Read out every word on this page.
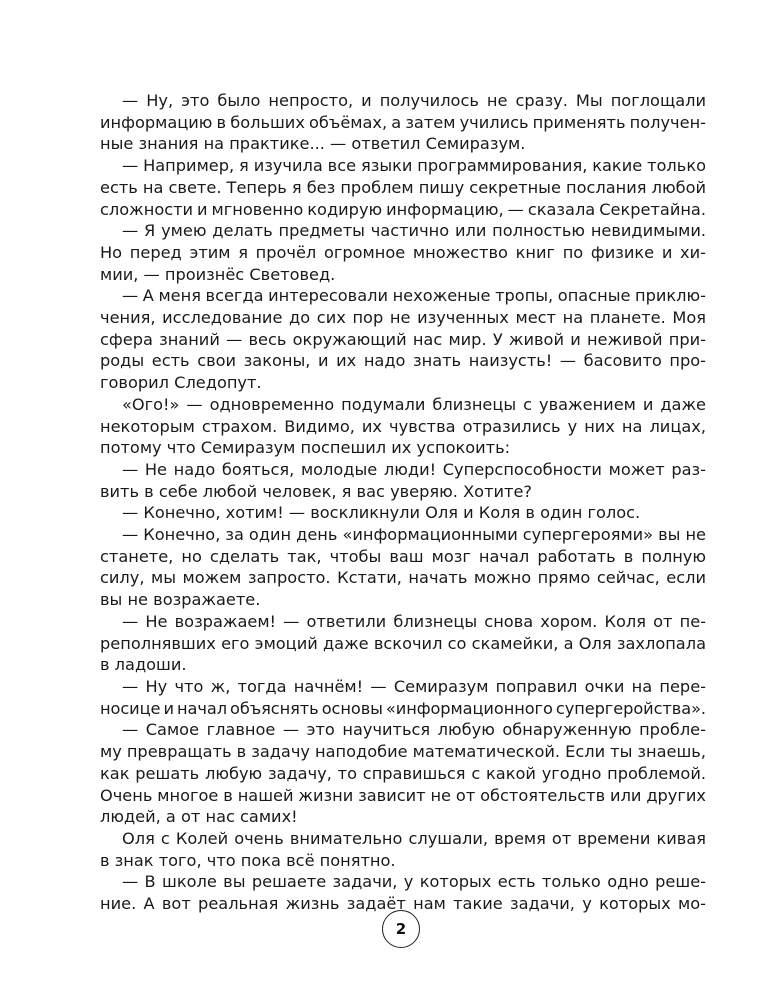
— Ну, это было непросто, и получилось не сразу. Мы поглощали
информацию в больших объёмах, а затем учились применять получен-
ные знания на практике... — ответил Семиразум.
— Например, я изучила все языки программирования, какие только
есть на свете. Теперь я без проблем пишу секретные послания любой
сложности и мгновенно кодирую информацию, — сказала Секретайна.
— Я умею делать предметы частично или полностью невидимыми.
Но перед этим я прочёл огромное множество книг по физике и хи-
мии, — произнёс Световед.
— А меня всегда интересовали нехоженые тропы, опасные приклю-
чения, исследование до сих пор не изученных мест на планете. Моя
сфера знаний — весь окружающий нас мир. У живой и неживой при-
роды есть свои законы, и их надо знать наизусть! — басовито про-
говорил Следопут.
«Ого!» — одновременно подумали близнецы с уважением и даже
некоторым страхом. Видимо, их чувства отразились у них на лицах,
потому что Семиразум поспешил их успокоить:
— Не надо бояться, молодые люди! Суперспособности может раз-
вить в себе любой человек, я вас уверяю. Хотите?
— Конечно, хотим! — воскликнули Оля и Коля в один голос.
— Конечно, за один день «информационными супергероями» вы не
станете, но сделать так, чтобы ваш мозг начал работать в полную
силу, мы можем запросто. Кстати, начать можно прямо сейчас, если
вы не возражаете.
— Не возражаем! — ответили близнецы снова хором. Коля от пе-
реполнявших его эмоций даже вскочил со скамейки, а Оля захлопала
в ладоши.
— Ну что ж, тогда начнём! — Семиразум поправил очки на пере-
носице и начал объяснять основы «информационного супергеройства».
— Самое главное — это научиться любую обнаруженную пробле-
му превращать в задачу наподобие математической. Если ты знаешь,
как решать любую задачу, то справишься с какой угодно проблемой.
Очень многое в нашей жизни зависит не от обстоятельств или других
людей, а от нас самих!
Оля с Колей очень внимательно слушали, время от времени кивая
в знак того, что пока всё понятно.
— В школе вы решаете задачи, у которых есть только одно реше-
ние. А вот реальная жизнь задаёт нам такие задачи, у которых мо-
2
